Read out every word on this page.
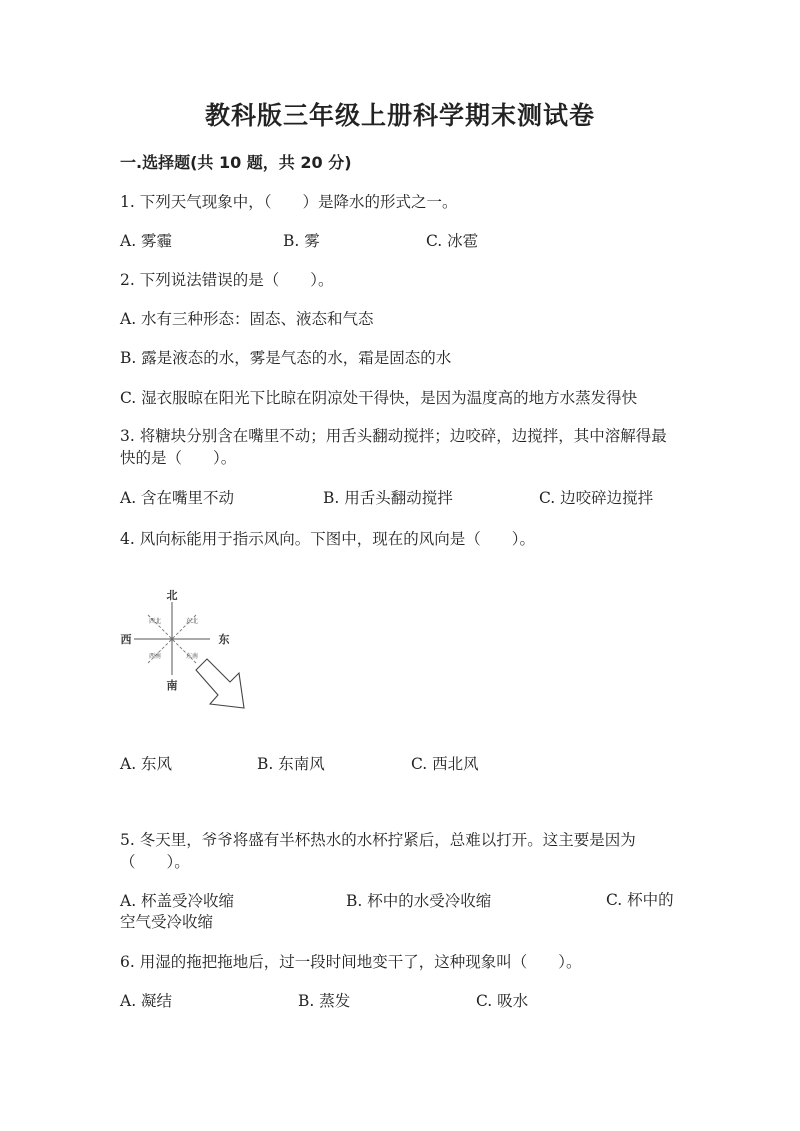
教科版三年级上册科学期末测试卷
一.选择题(共 10 题，共 20 分)
1. 下列天气现象中，（　　）是降水的形式之一。
A. 雾霾	B. 雾	C. 冰雹
2. 下列说法错误的是（　　）。
A. 水有三种形态：固态、液态和气态
B. 露是液态的水，雾是气态的水，霜是固态的水
C. 湿衣服晾在阳光下比晾在阴凉处干得快，是因为温度高的地方水蒸发得快
3. 将糖块分别含在嘴里不动；用舌头翻动搅拌；边咬碎，边搅拌，其中溶解得最快的是（　　）。
A. 含在嘴里不动	B. 用舌头翻动搅拌	C. 边咬碎边搅拌
4. 风向标能用于指示风向。下图中，现在的风向是（　　）。
北
南
东
西
西北	东北
西南	东南
A. 东风	B. 东南风	C. 西北风
5. 冬天里，爷爷将盛有半杯热水的水杯拧紧后，总难以打开。这主要是因为（　　）。
A. 杯盖受冷收缩	B. 杯中的水受冷收缩	C. 杯中的空气受冷收缩
6. 用湿的拖把拖地后，过一段时间地变干了，这种现象叫（　　）。
A. 凝结	B. 蒸发	C. 吸水
